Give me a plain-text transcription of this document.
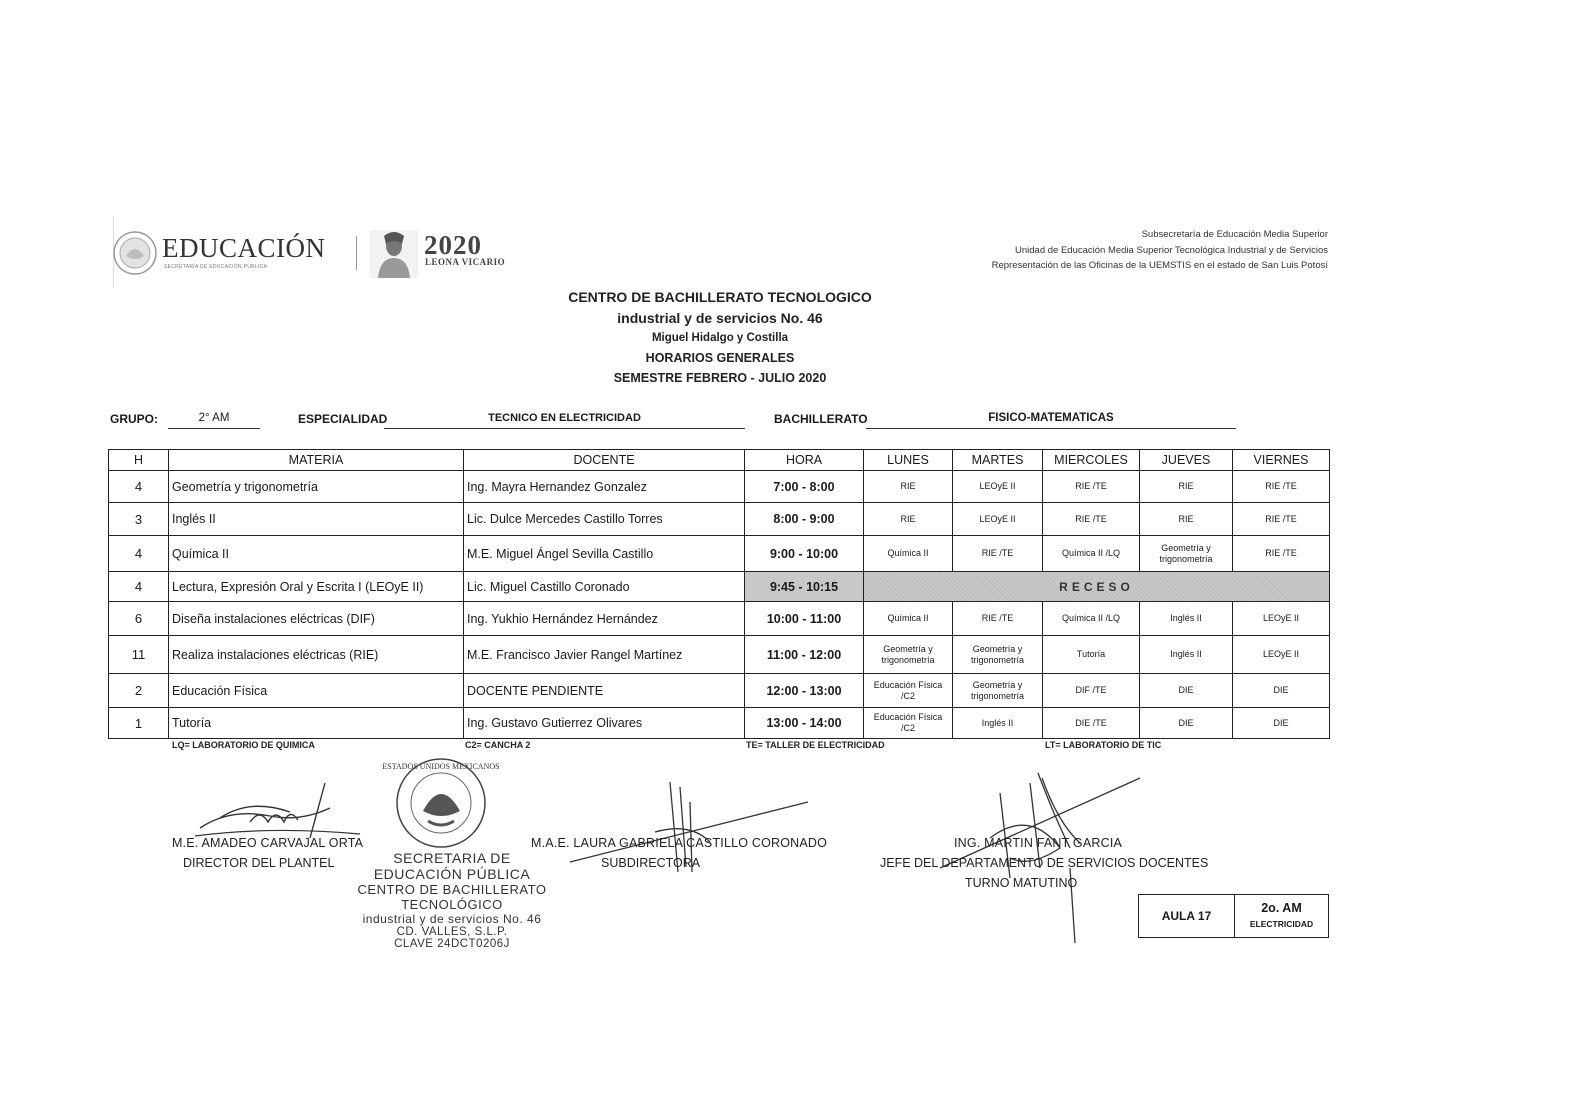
EDUCACIÓN
SECRETARÍA DE EDUCACIÓN PÚBLICA
2020
LEONA VICARIO
Subsecretaría de Educación Media Superior
Unidad de Educación Media Superior Tecnológica Industrial y de Servicios
Representación de las Oficinas de la UEMSTIS en el estado de San Luis Potosí
CENTRO DE BACHILLERATO TECNOLOGICO
industrial y de servicios No. 46
Miguel Hidalgo y Costilla
HORARIOS GENERALES
SEMESTRE FEBRERO - JULIO 2020
GRUPO:	2° AM	ESPECIALIDAD	TECNICO EN ELECTRICIDAD	BACHILLERATO	FISICO-MATEMATICAS
H	MATERIA	DOCENTE	HORA	LUNES	MARTES	MIERCOLES	JUEVES	VIERNES
4	Geometría y trigonometría	Ing. Mayra Hernandez Gonzalez	7:00 - 8:00	RIE	LEOyE II	RIE /TE	RIE	RIE /TE
3	Inglés II	Lic. Dulce Mercedes Castillo Torres	8:00 - 9:00	RIE	LEOyE II	RIE /TE	RIE	RIE /TE
4	Química II	M.E. Miguel Ángel Sevilla Castillo	9:00 - 10:00	Química II	RIE /TE	Química II /LQ	Geometría y trigonometría	RIE /TE
4	Lectura, Expresión Oral y Escrita I (LEOyE II)	Lic. Miguel Castillo Coronado	9:45 - 10:15	RECESO				
6	Diseña instalaciones eléctricas (DIF)	Ing. Yukhio Hernández Hernández	10:00 - 11:00	Química II	RIE /TE	Química II /LQ	Inglés II	LEOyE II
11	Realiza instalaciones eléctricas (RIE)	M.E. Francisco Javier Rangel Martínez	11:00 - 12:00	Geometría y trigonometría	Geometría y trigonometría	Tutoría	Inglés II	LEOyE II
2	Educación Física	DOCENTE PENDIENTE	12:00 - 13:00	Educación Física /C2	Geometría y trigonometría	DIF /TE	DIE	DIE
1	Tutoría	Ing. Gustavo Gutierrez Olivares	13:00 - 14:00	Educación Física /C2	Inglés II	DIE /TE	DIE	DIE
LQ= LABORATORIO DE QUIMICA	C2= CANCHA 2	TE= TALLER DE ELECTRICIDAD	LT= LABORATORIO DE TIC
ESTADOS UNIDOS MEXICANOS
SECRETARIA DE
EDUCACIÓN PÚBLICA
CENTRO DE BACHILLERATO
TECNOLÓGICO
industrial y de servicios No. 46
CD. VALLES, S.L.P.
CLAVE 24DCT0206J
M.E. AMADEO CARVAJAL ORTA
DIRECTOR DEL PLANTEL
M.A.E. LAURA GABRIELA CASTILLO CORONADO
SUBDIRECTORA
ING. MARTIN FANT GARCIA
JEFE DEL DEPARTAMENTO DE SERVICIOS DOCENTES
TURNO MATUTINO
AULA 17
2o. AM
ELECTRICIDAD
